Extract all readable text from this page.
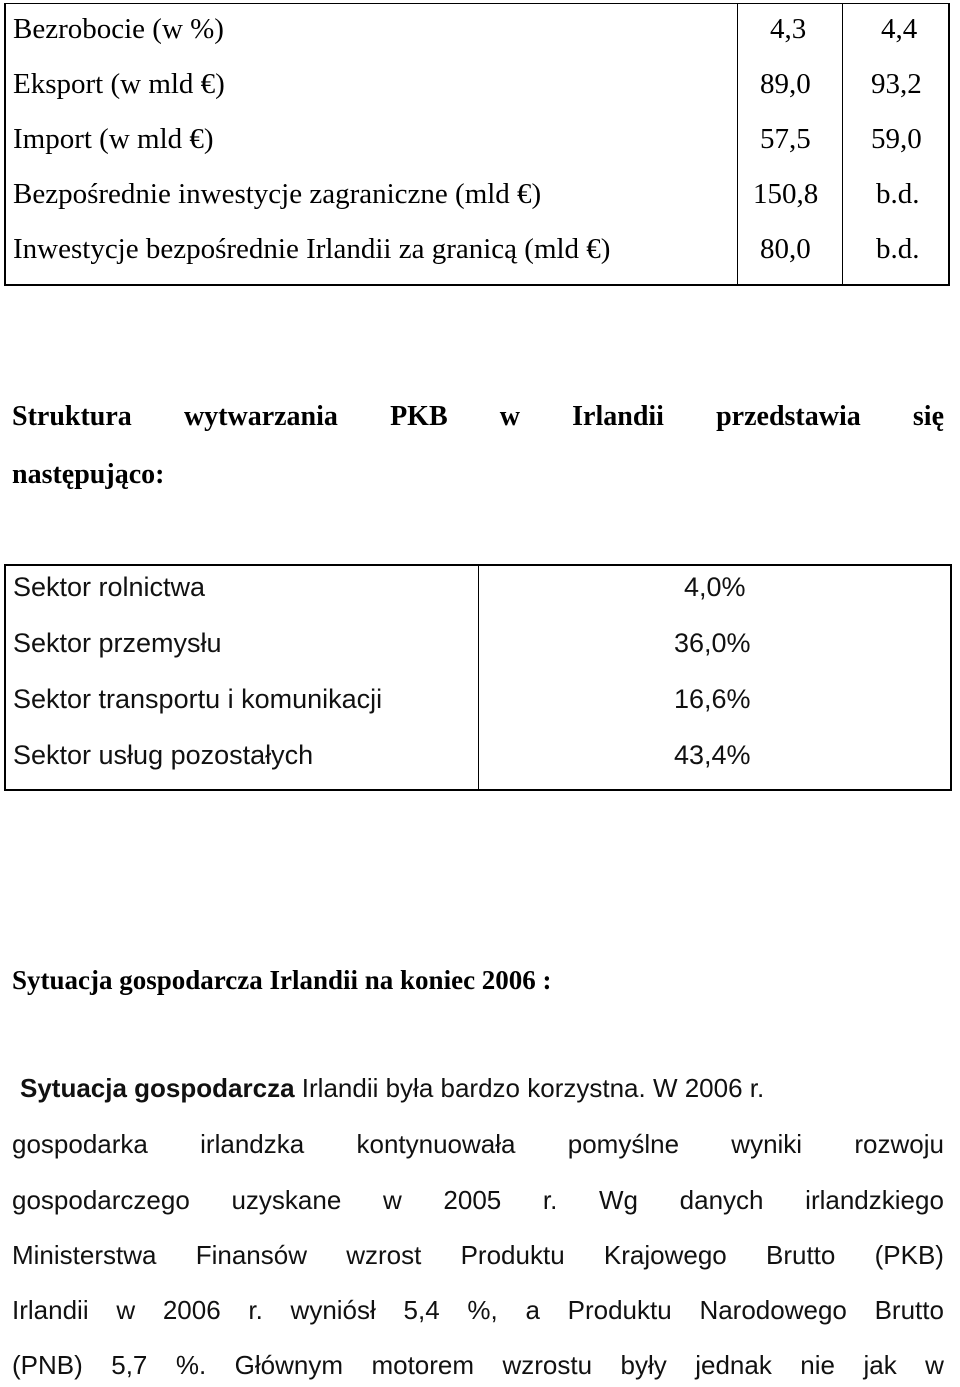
Bezrobocie (w %)	4,3	4,4
Eksport (w mld €)	89,0 93,2
Import (w mld €)	57,5 59,0
Bezpośrednie inwestycje zagraniczne (mld €)	150,8 b.d.
Inwestycje bezpośrednie Irlandii za granicą (mld €)	80,0 b.d.
Struktura wytwarzania PKB w Irlandii przedstawia się
następująco:
Sektor rolnictwa	4,0%
Sektor przemysłu	36,0%
Sektor transportu i komunikacji	16,6%
Sektor usług pozostałych	43,4%
Sytuacja gospodarcza Irlandii na koniec 2006 :
Sytuacja gospodarcza
Irlandii była bardzo korzystna. W 2006 r.
gospodarka irlandzka kontynuowała pomyślne wyniki rozwoju
gospodarczego uzyskane w 2005 r. Wg danych irlandzkiego
Ministerstwa Finansów wzrost Produktu Krajowego Brutto (PKB)
Irlandii w 2006 r. wyniósł 5,4 %, a Produktu Narodowego Brutto
(PNB) 5,7 %. Głównym motorem wzrostu były jednak nie jak w
